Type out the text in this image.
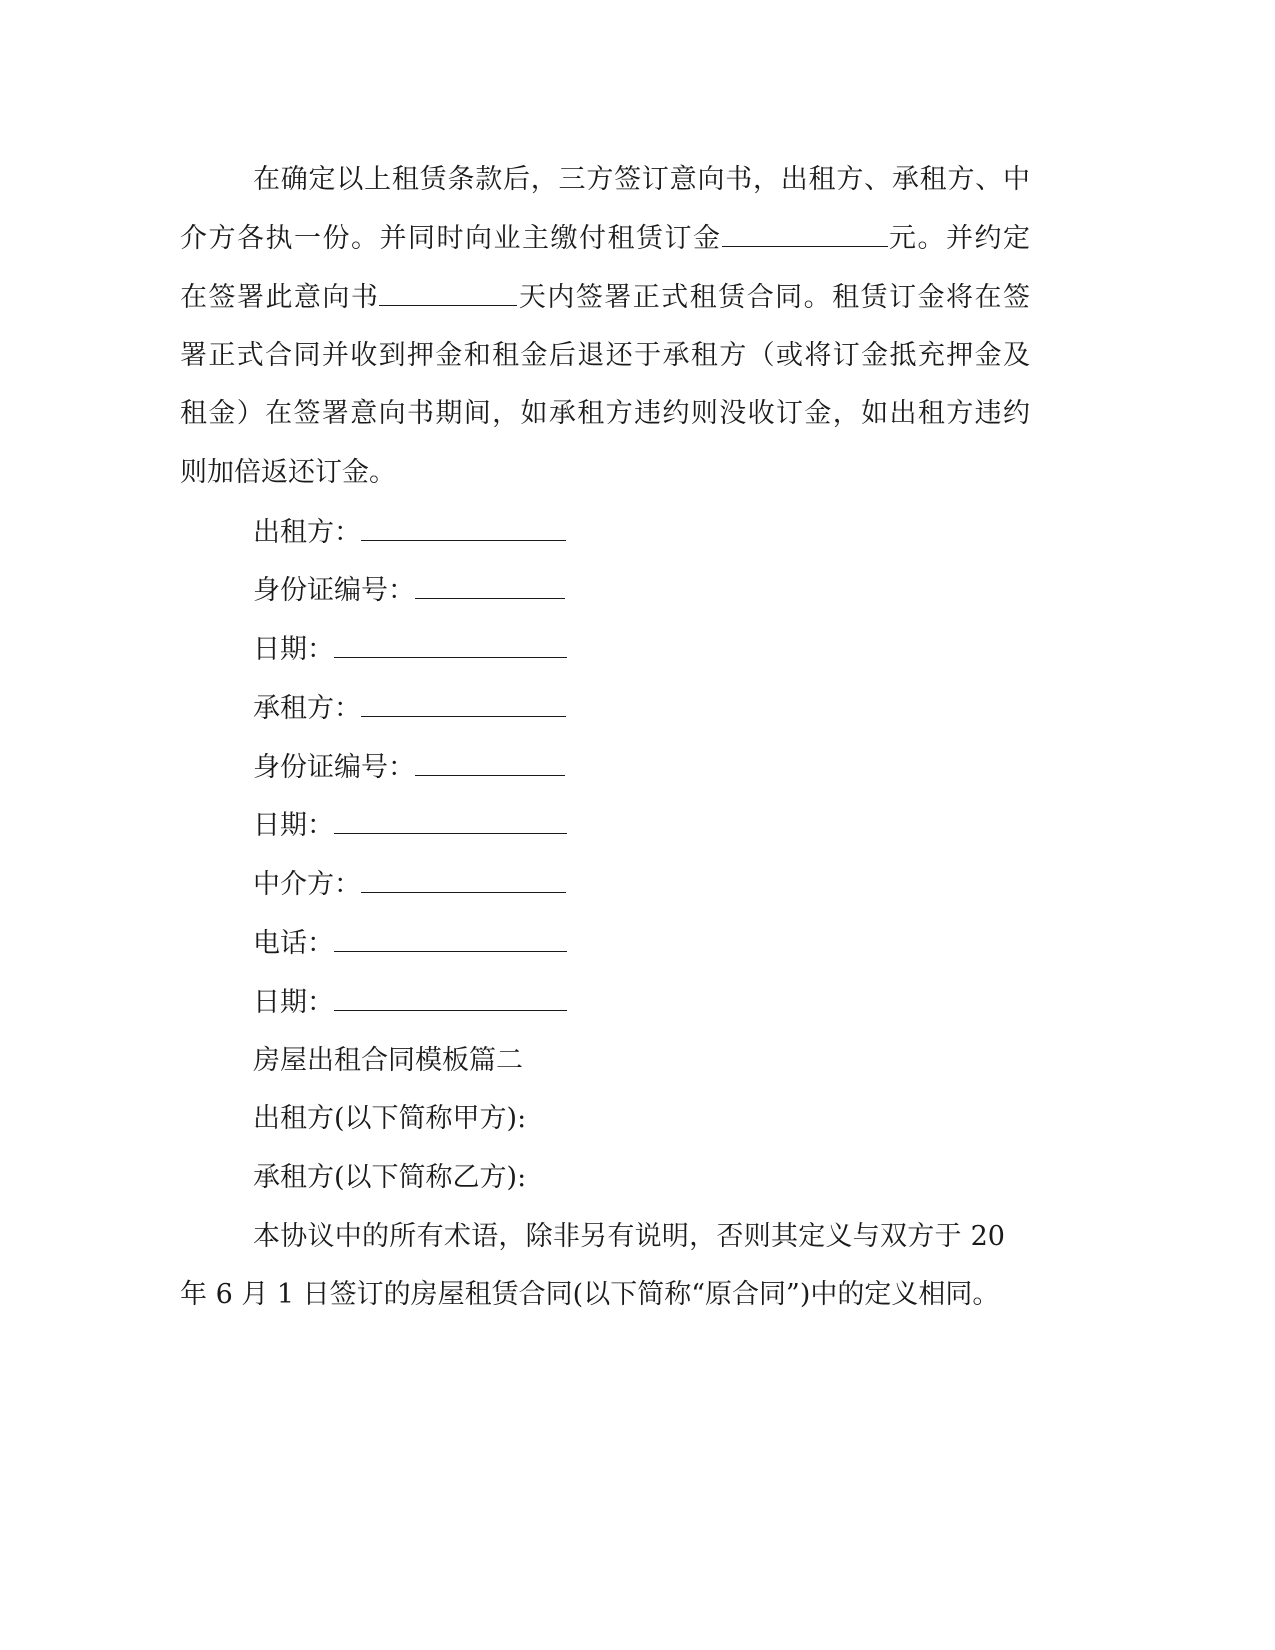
在确定以上租赁条款后，三方签订意向书，出租方、承租方、中
介方各执一份。并同时向业主缴付租赁订金	元。并约定
在签署此意向书	天内签署正式租赁合同。租赁订金将在签
署正式合同并收到押金和租金后退还于承租方（或将订金抵充押金及
租金）在签署意向书期间，如承租方违约则没收订金，如出租方违约
则加倍返还订金。
出租方：
身份证编号：
日期：
承租方：
身份证编号：
日期：
中介方：
电话：
日期：
房屋出租合同模板篇二
出租方(以下简称甲方):
承租方(以下简称乙方):
本协议中的所有术语，除非另有说明，否则其定义与双方于 20
年 6 月 1 日签订的房屋租赁合同(以下简称“原合同”)中的定义相同。
